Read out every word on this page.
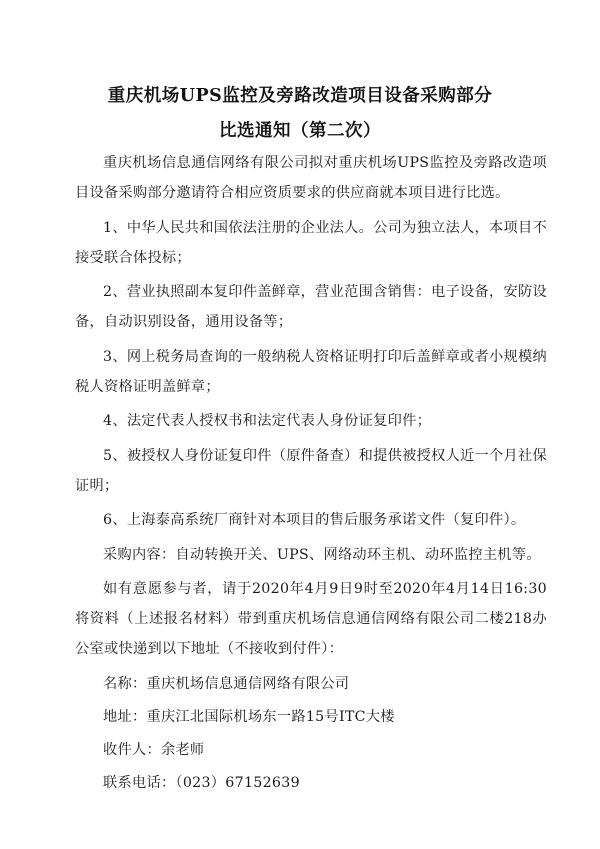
重庆机场UPS监控及旁路改造项目设备采购部分
比选通知（第二次）

重庆机场信息通信网络有限公司拟对重庆机场UPS监控及旁路改造项目设备采购部分邀请符合相应资质要求的供应商就本项目进行比选。

1、中华人民共和国依法注册的企业法人。公司为独立法人，本项目不接受联合体投标；

2、营业执照副本复印件盖鲜章，营业范围含销售：电子设备，安防设备，自动识别设备，通用设备等；

3、网上税务局查询的一般纳税人资格证明打印后盖鲜章或者小规模纳税人资格证明盖鲜章；

4、法定代表人授权书和法定代表人身份证复印件；

5、被授权人身份证复印件（原件备查）和提供被授权人近一个月社保证明；

6、上海泰高系统厂商针对本项目的售后服务承诺文件（复印件）。

采购内容：自动转换开关、UPS、网络动环主机、动环监控主机等。

如有意愿参与者，请于2020年4月9日9时至2020年4月14日16:30将资料（上述报名材料）带到重庆机场信息通信网络有限公司二楼218办公室或快递到以下地址（不接收到付件）：

名称：重庆机场信息通信网络有限公司

地址：重庆江北国际机场东一路15号ITC大楼

收件人：余老师

联系电话：（023）67152639
